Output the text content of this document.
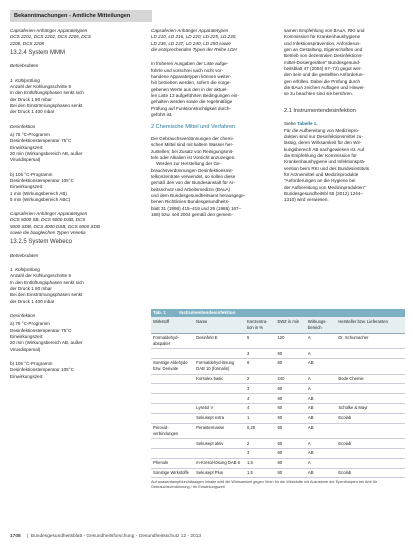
Bekanntmachungen - Amtliche Mitteilungen
Capsaferien-Anhänger Apparatetypen
DCS 2201, DCS 2202, DCS 2205, DCS
2206, DCS 2208
13.2.4 System MMM
Betriebsdaten
1. Kühlprüfung
Anzahl der Kühlungsschritte 6
In den Entlüftungsphasen senkt sich
der Druck 1 80 mbar
Bei den Einströmungsphasen senkt
der Druck 1 400 mbar
Desinfektion
a) 75 °C-Programm
Desinfektionstemperatur 75°C
Einwirkungszeit:
20 min (Wirkungsbereich AB, außer
Virusdispersal)
b) 105 °C-Programm
Desinfektionstemperatur 105°C
Einwirkungszeit:
1 min (Wirkungsbereich AB)
5 min (Wirkungsbereich ABC)
Capsaferien-Anhänger Apparatetypen
DCS 5000 SB, DCS 5000 DSB, DCS
5000 SDB, DCS 4000 DSB, DCS 6000 SDB
sowie die baugleichen Typen Venetia
13.2.5 System Webeco
Betriebsdaten
1. Kühlprüfung
Anzahl der Kühlungsschritte 5
In den Entlüftungsphasen senkt sich
der Druck 1 80 mbar
Bei den Einströmungsphasen senkt
der Druck 1 400 mbar
Desinfektion
a) 75 °C-Programm
Desinfektionstemperatur 75°C
Einwirkungszeit:
20 min (Wirkungsbereich AB, außer
Virusdispersal)
b) 105 °C-Programm
Desinfektionstemperatur 105°C
Einwirkungszeit:
Capsaferien-Anhänger Apparatetypen
LD 210, LD 216, LD 220, LD 225, LD 230,
LD 236, LD 237, LD 240, LD 250 sowie
die entsprechenden Typen der Reihe LDH
In früheren Ausgaben der Liste aufge-
führte und vorschrei nach nicht vor-
handene Apparatetypen können weiter-
hin betrieben werden, sofern die vorge-
gebenen Werte aus den in der aktuel-
len Liste 13 aufgeführten Bedingungen ein-
gehalten werden sowie die regelmäßige
Prüfung auf Funktionstüchtigkeit durch-
geführt ist.
2 Chemische Mittel und Verfahren
Die Gebrauchsverdünnungen der chemi-
schen Mittel sind mit kaltem Wasser her-
zustellen; bei Zusatz von Reinigungsmit-
teln oder Alkalien ist Vorsicht anzuzeigen.
Werden zur Herstellung der Ge-
brauchsverdünnungen Desinfektionsmit-
telkonzentrate verwendet, so sollen diese
gemäß den von der Bundesanstalt für Ar-
beitsschutz und Arbeitsmedizin (BAuA)
und dem Bundesgesundheitsamt herausgege-
benen Richtlinien Bundesgesundheits-
blatt 31 (1998) 415–419 und 29 (1986) 167–
168) bzw. seit 2004 gemäß den gemein-
samen Empfehlung von BAuA, RKI und
Kommission für Krankenhaushygiene
und Infektionsprävention, Anforderun-
gen an Gestaltung, Eigenschaften und
Betrieb von dezentralen Desinfektions-
mittel-Dosiergeräten" Bundesgesund-
heitsblatt 47 (2004) 67–72) gegut wer-
den sein und die gestellten Anforderun-
gen erfüllen. Dabei die Prüfung durch
die BAuA zeichen Auflagen und Hinwei-
se zu beachten sind sie berühren.
2.1 Instrumentendesinfektion
Siehe Tabelle 1.
Für die Aufbereitung von Medizinpro-
dukten sind nur Desinfektionsmittel zu-
lässig, deren Wirksamkeit für den Wir-
kungsbereich AB nachgewiesen ist. Auf
die Empfehlung der Kommission für
Krankenhaushygiene und Infektionsprä-
vention beim RKI und des Bundesinstituts
für Arzneimittel und Medizinprodukte
"Anforderungen an die Hygiene bei
der Aufbereitung von Medizinprodukten"
Bundesgesundheitsbl 55 (2012) 1244–
1310) wird verwiesen.
Tab. 1	Instrumentendesinfektion
Wirkstoff	Name	Konzentra-tion in %	EWZ in min	Wirkungs-bereich	Hersteller bzw. Lieferanten
Formaldehyd-abspalter	Desinfekt E	5	120	A	Dr. Schumacher
		3	60	A	
Sonstige Aldehyde bzw. Derivate	Formaldehyd-lösung DAB 10 (formalin)	6	60	AB	
	Korsolex basic	2	240	A	Bode Chemie
		3	60	A	
		4	60	AB	
	Lysetol V	4	60	AB	Schülke & Mayr
	Sekusept extra	1	60	AB	Ecolab
Peroxid-verbindungen	Perastermasse	0,25	60	AB	
	Sekusept aktiv	2	60	A	Ecolab
		3	60	AB	
Phenole	m-Kresol-lösung DAB 6	1,5	60	A	
Sonstige Wirkstoffe	Sekusept Plus	1,5	60	AB	Ecolab
Auf wasserdampfdurchlässigen Inhalte wird die Wirksamkeit gegen Viren für die Wirkstoffe mit Ausnahme der Epenthalpien bei Amt für Gebrauchsverdünnung / für Einwirkungszeit
1708 | Bundesgesundheitsblatt - Gesundheitsforschung - Gesundheitsschutz 12 - 2013
